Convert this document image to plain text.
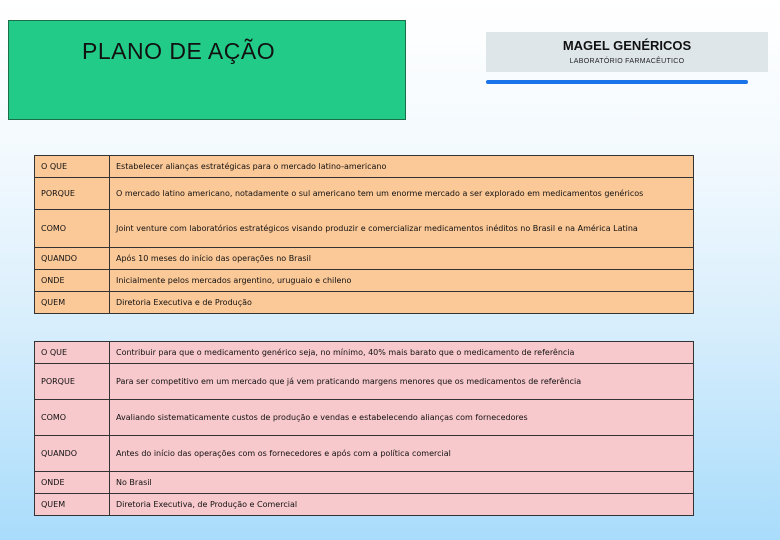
PLANO DE AÇÃO	MAGEL GENÉRICOS
LABORATÓRIO FARMACÊUTICO
O QUE	Estabelecer alianças estratégicas para o mercado latino-americano
PORQUE	O mercado latino americano, notadamente o sul americano tem um enorme mercado a ser explorado em medicamentos genéricos
COMO	Joint venture com laboratórios estratégicos visando produzir e comercializar medicamentos inéditos no Brasil e na América Latina
QUANDO	Após 10 meses do início das operações no Brasil
ONDE	Inicialmente pelos mercados argentino, uruguaio e chileno
QUEM	Diretoria Executiva e de Produção
O QUE	Contribuir para que o medicamento genérico seja, no mínimo, 40% mais barato que o medicamento de referência
PORQUE	Para ser competitivo em um mercado que já vem praticando margens menores que os medicamentos de referência
COMO	Avaliando sistematicamente custos de produção e vendas e estabelecendo alianças com fornecedores
QUANDO	Antes do início das operações com os fornecedores e após com a política comercial
ONDE	No Brasil
QUEM	Diretoria Executiva, de Produção e Comercial
